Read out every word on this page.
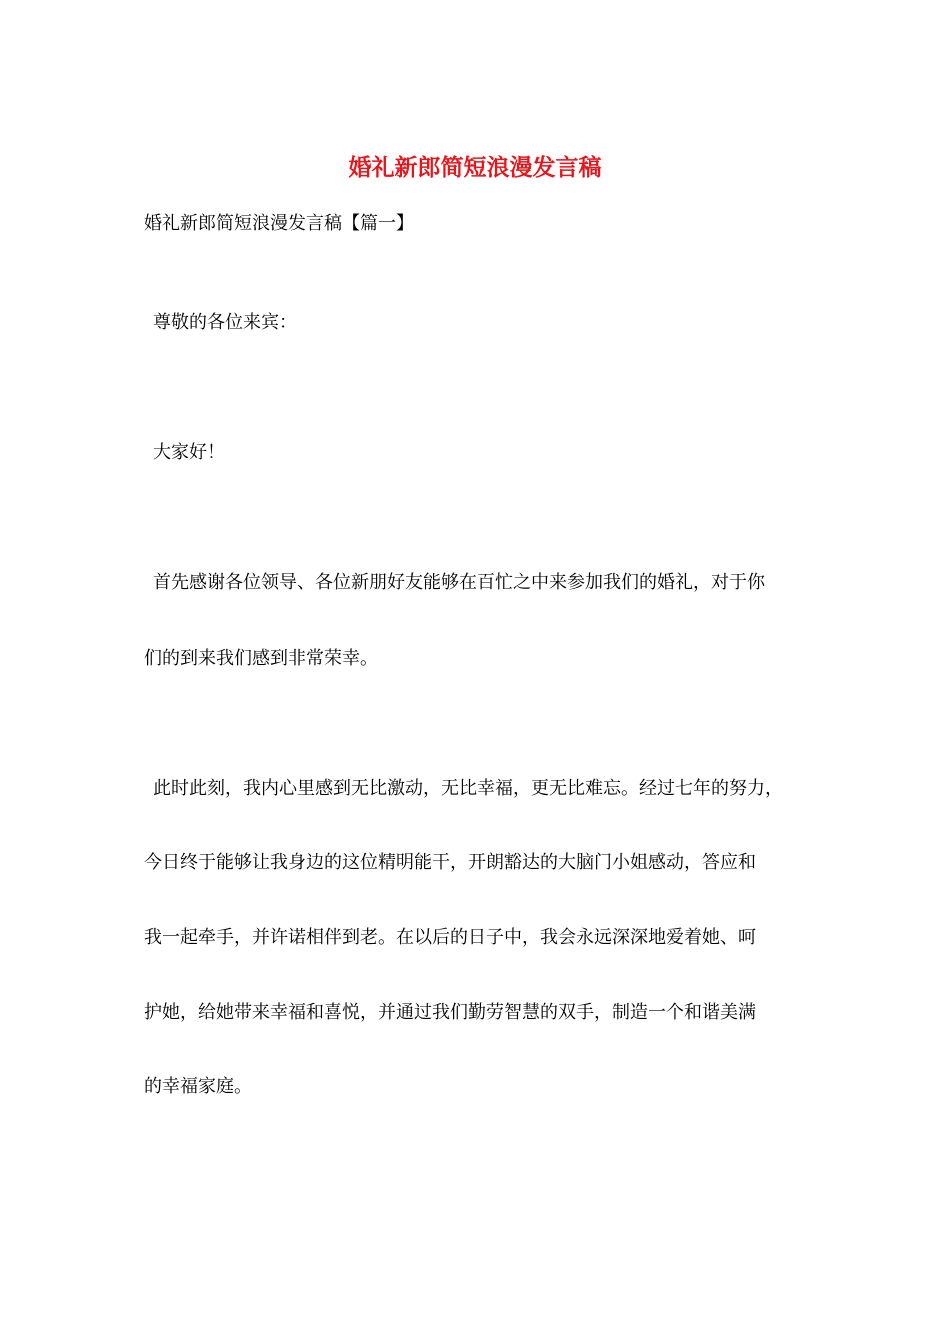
婚礼新郎简短浪漫发言稿
婚礼新郎简短浪漫发言稿【篇一】
尊敬的各位来宾：
大家好！
首先感谢各位领导、各位新朋好友能够在百忙之中来参加我们的婚礼，对于你
们的到来我们感到非常荣幸。
此时此刻，我内心里感到无比激动，无比幸福，更无比难忘。经过七年的努力，
今日终于能够让我身边的这位精明能干，开朗豁达的大脑门小姐感动，答应和
我一起牵手，并许诺相伴到老。在以后的日子中，我会永远深深地爱着她、呵
护她，给她带来幸福和喜悦，并通过我们勤劳智慧的双手，制造一个和谐美满
的幸福家庭。
